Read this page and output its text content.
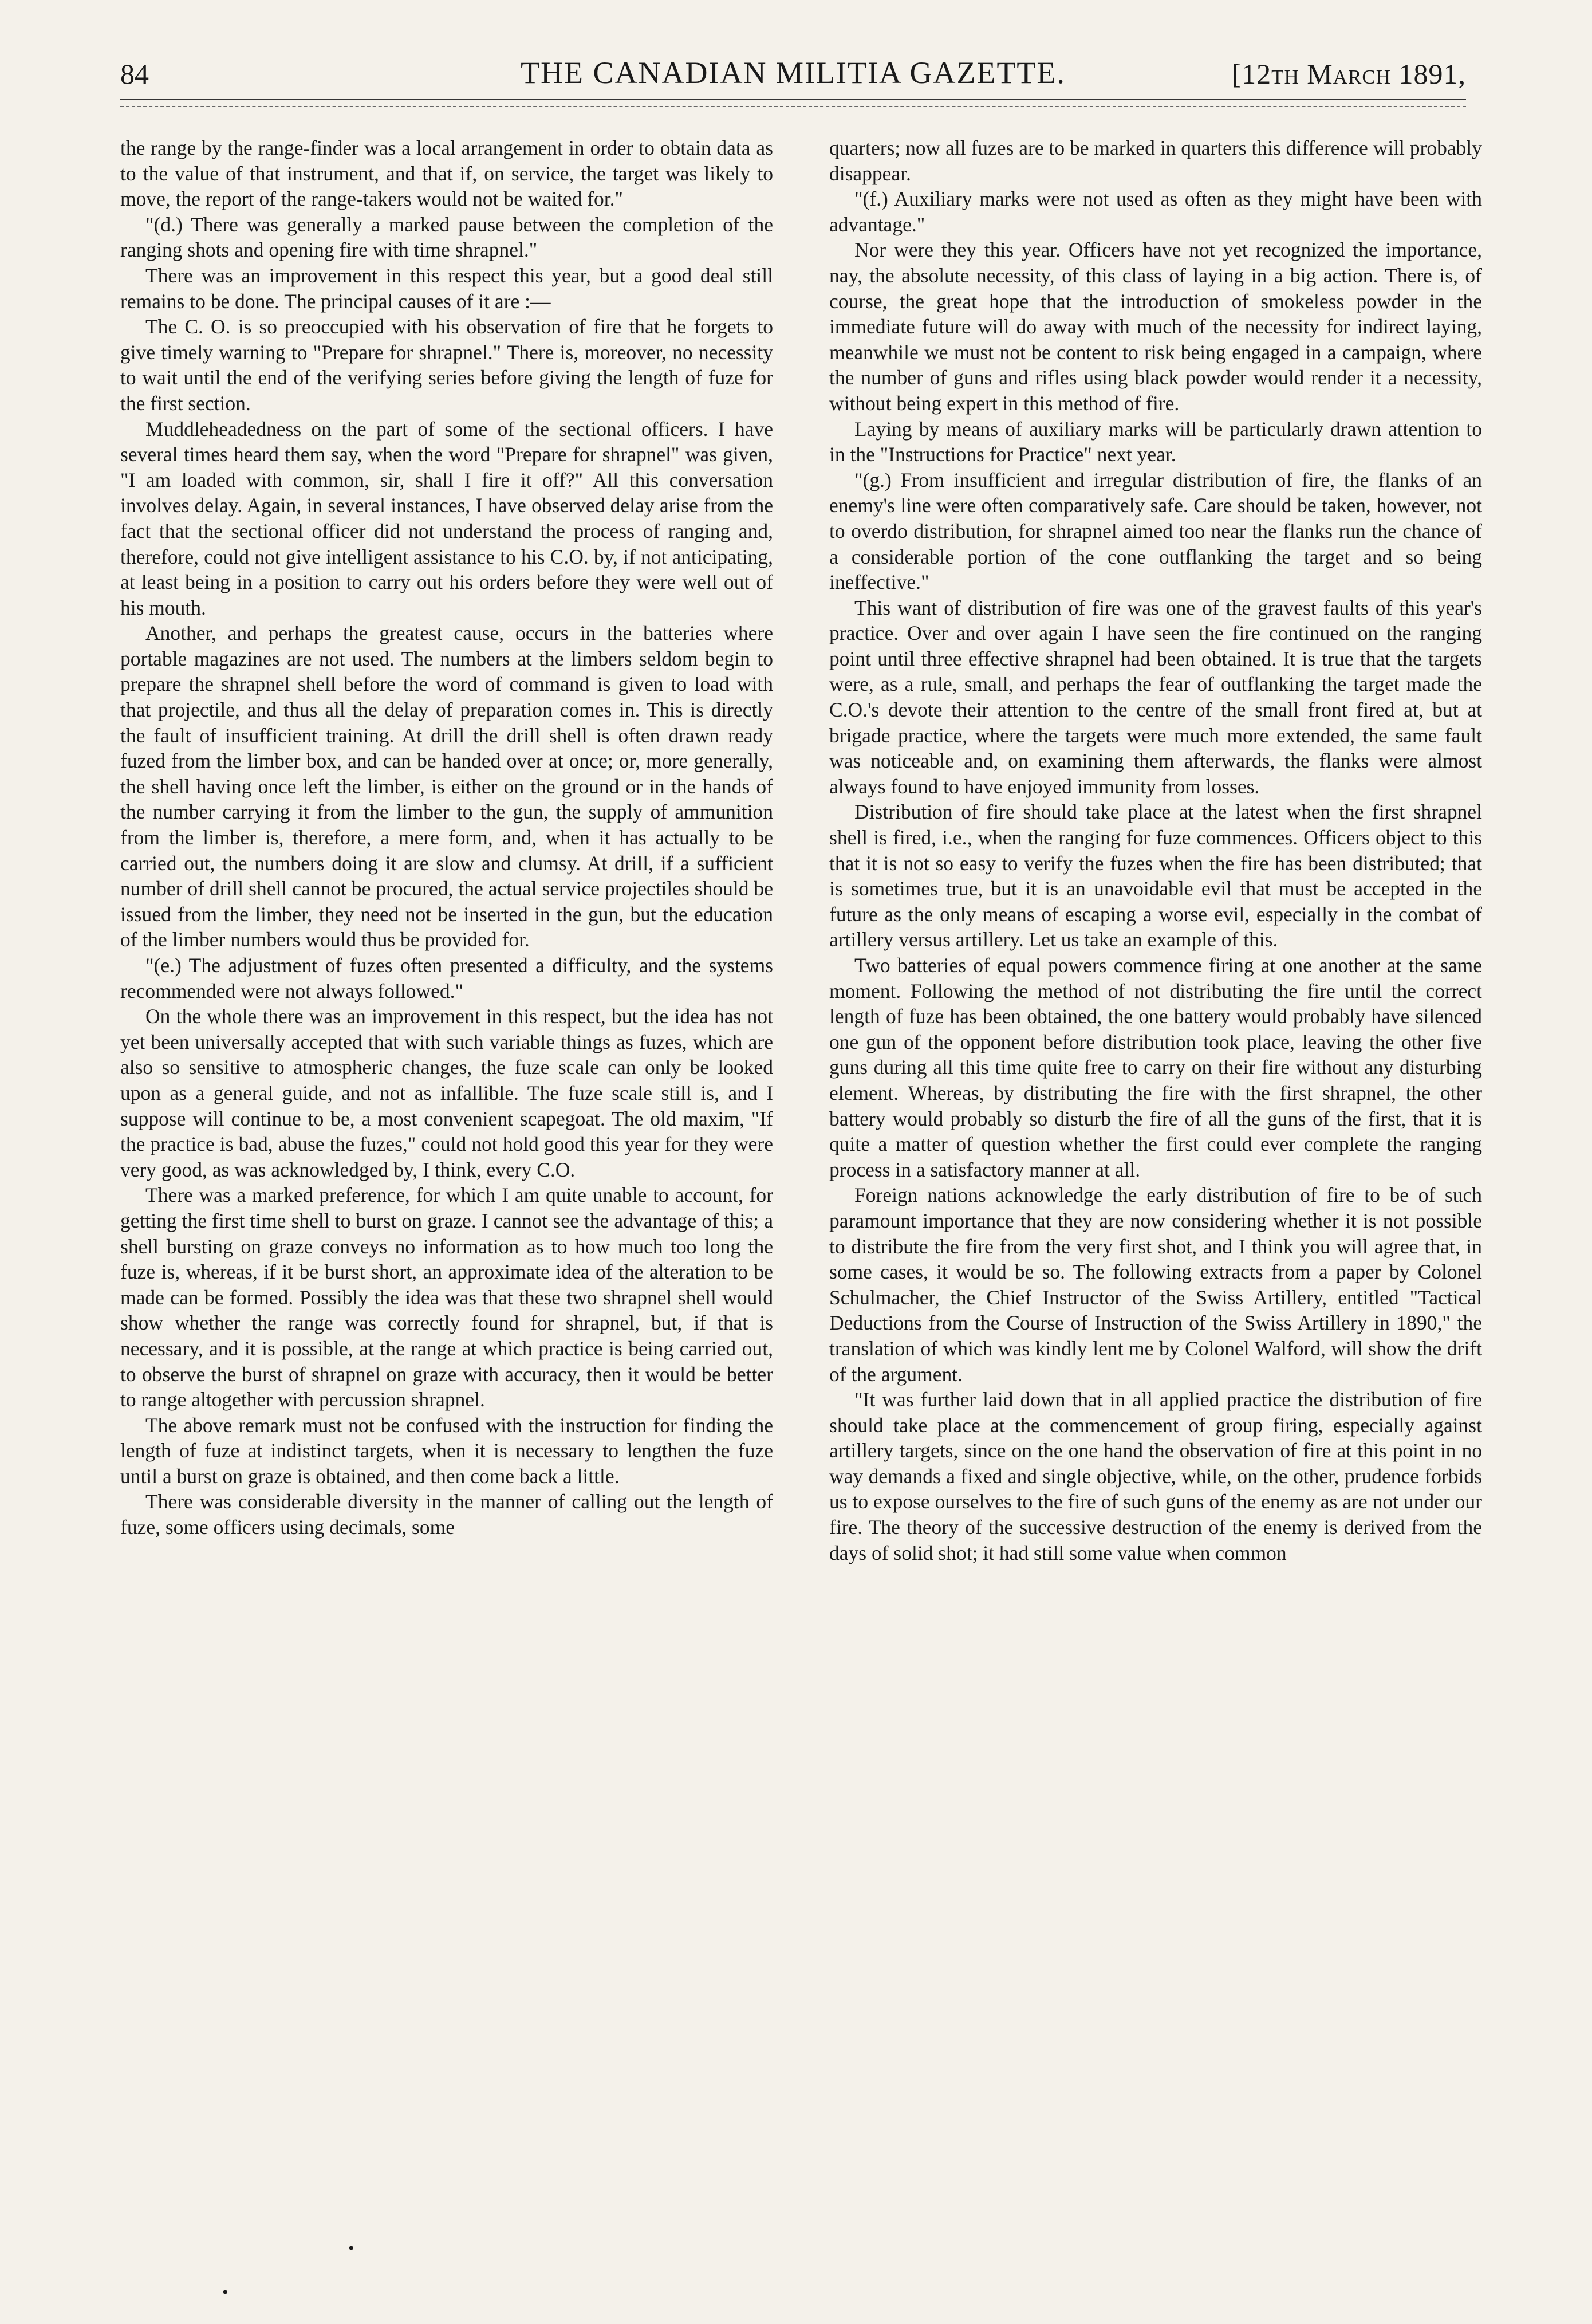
84	THE CANADIAN MILITIA GAZETTE.	[12th March 1891,

the range by the range-finder was a local arrangement in order to obtain data as to the value of that instrument, and that if, on service, the target was likely to move, the report of the range-takers would not be waited for."

"(d.) There was generally a marked pause between the completion of the ranging shots and opening fire with time shrapnel."

There was an improvement in this respect this year, but a good deal still remains to be done. The principal causes of it are :—

The C. O. is so preoccupied with his observation of fire that he forgets to give timely warning to "Prepare for shrapnel." There is, moreover, no necessity to wait until the end of the verifying series before giving the length of fuze for the first section.

Muddleheadedness on the part of some of the sectional officers. I have several times heard them say, when the word "Prepare for shrapnel" was given, "I am loaded with common, sir, shall I fire it off?" All this conversation involves delay. Again, in several instances, I have observed delay arise from the fact that the sectional officer did not understand the process of ranging and, therefore, could not give intelligent assistance to his C.O. by, if not anticipating, at least being in a position to carry out his orders before they were well out of his mouth.

Another, and perhaps the greatest cause, occurs in the batteries where portable magazines are not used. The numbers at the limbers seldom begin to prepare the shrapnel shell before the word of command is given to load with that projectile, and thus all the delay of preparation comes in. This is directly the fault of insufficient training. At drill the drill shell is often drawn ready fuzed from the limber box, and can be handed over at once; or, more generally, the shell having once left the limber, is either on the ground or in the hands of the number carrying it from the limber to the gun, the supply of ammunition from the limber is, therefore, a mere form, and, when it has actually to be carried out, the numbers doing it are slow and clumsy. At drill, if a sufficient number of drill shell cannot be procured, the actual service projectiles should be issued from the limber, they need not be inserted in the gun, but the education of the limber numbers would thus be provided for.

"(e.) The adjustment of fuzes often presented a difficulty, and the systems recommended were not always followed."

On the whole there was an improvement in this respect, but the idea has not yet been universally accepted that with such variable things as fuzes, which are also so sensitive to atmospheric changes, the fuze scale can only be looked upon as a general guide, and not as infallible. The fuze scale still is, and I suppose will continue to be, a most convenient scapegoat. The old maxim, "If the practice is bad, abuse the fuzes," could not hold good this year for they were very good, as was acknowledged by, I think, every C.O.

There was a marked preference, for which I am quite unable to account, for getting the first time shell to burst on graze. I cannot see the advantage of this; a shell bursting on graze conveys no information as to how much too long the fuze is, whereas, if it be burst short, an approximate idea of the alteration to be made can be formed. Possibly the idea was that these two shrapnel shell would show whether the range was correctly found for shrapnel, but, if that is necessary, and it is possible, at the range at which practice is being carried out, to observe the burst of shrapnel on graze with accuracy, then it would be better to range altogether with percussion shrapnel.

The above remark must not be confused with the instruction for finding the length of fuze at indistinct targets, when it is necessary to lengthen the fuze until a burst on graze is obtained, and then come back a little.

There was considerable diversity in the manner of calling out the length of fuze, some officers using decimals, some

quarters; now all fuzes are to be marked in quarters this difference will probably disappear.

"(f.) Auxiliary marks were not used as often as they might have been with advantage."

Nor were they this year. Officers have not yet recognized the importance, nay, the absolute necessity, of this class of laying in a big action. There is, of course, the great hope that the introduction of smokeless powder in the immediate future will do away with much of the necessity for indirect laying, meanwhile we must not be content to risk being engaged in a campaign, where the number of guns and rifles using black powder would render it a necessity, without being expert in this method of fire.

Laying by means of auxiliary marks will be particularly drawn attention to in the "Instructions for Practice" next year.

"(g.) From insufficient and irregular distribution of fire, the flanks of an enemy's line were often comparatively safe. Care should be taken, however, not to overdo distribution, for shrapnel aimed too near the flanks run the chance of a considerable portion of the cone outflanking the target and so being ineffective."

This want of distribution of fire was one of the gravest faults of this year's practice. Over and over again I have seen the fire continued on the ranging point until three effective shrapnel had been obtained. It is true that the targets were, as a rule, small, and perhaps the fear of outflanking the target made the C.O.'s devote their attention to the centre of the small front fired at, but at brigade practice, where the targets were much more extended, the same fault was noticeable and, on examining them afterwards, the flanks were almost always found to have enjoyed immunity from losses.

Distribution of fire should take place at the latest when the first shrapnel shell is fired, i.e., when the ranging for fuze commences. Officers object to this that it is not so easy to verify the fuzes when the fire has been distributed; that is sometimes true, but it is an unavoidable evil that must be accepted in the future as the only means of escaping a worse evil, especially in the combat of artillery versus artillery. Let us take an example of this.

Two batteries of equal powers commence firing at one another at the same moment. Following the method of not distributing the fire until the correct length of fuze has been obtained, the one battery would probably have silenced one gun of the opponent before distribution took place, leaving the other five guns during all this time quite free to carry on their fire without any disturbing element. Whereas, by distributing the fire with the first shrapnel, the other battery would probably so disturb the fire of all the guns of the first, that it is quite a matter of question whether the first could ever complete the ranging process in a satisfactory manner at all.

Foreign nations acknowledge the early distribution of fire to be of such paramount importance that they are now considering whether it is not possible to distribute the fire from the very first shot, and I think you will agree that, in some cases, it would be so. The following extracts from a paper by Colonel Schulmacher, the Chief Instructor of the Swiss Artillery, entitled "Tactical Deductions from the Course of Instruction of the Swiss Artillery in 1890," the translation of which was kindly lent me by Colonel Walford, will show the drift of the argument.

"It was further laid down that in all applied practice the distribution of fire should take place at the commencement of group firing, especially against artillery targets, since on the one hand the observation of fire at this point in no way demands a fixed and single objective, while, on the other, prudence forbids us to expose ourselves to the fire of such guns of the enemy as are not under our fire. The theory of the successive destruction of the enemy is derived from the days of solid shot; it had still some value when common

•
•
